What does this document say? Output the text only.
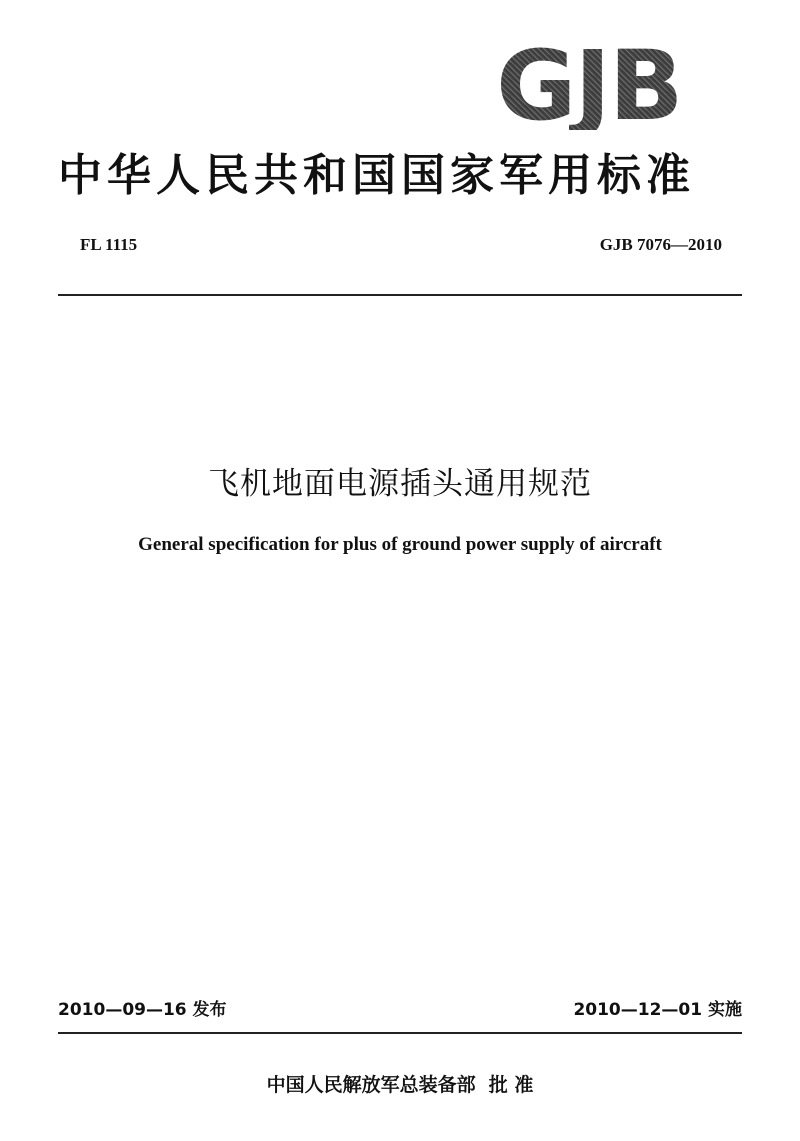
GJB
中华人民共和国国家军用标准
FL 1115	GJB 7076—2010
飞机地面电源插头通用规范
General specification for plus of ground power supply of aircraft
2010—09—16 发布	2010—12—01 实施
中国人民解放军总装备部  批 准
